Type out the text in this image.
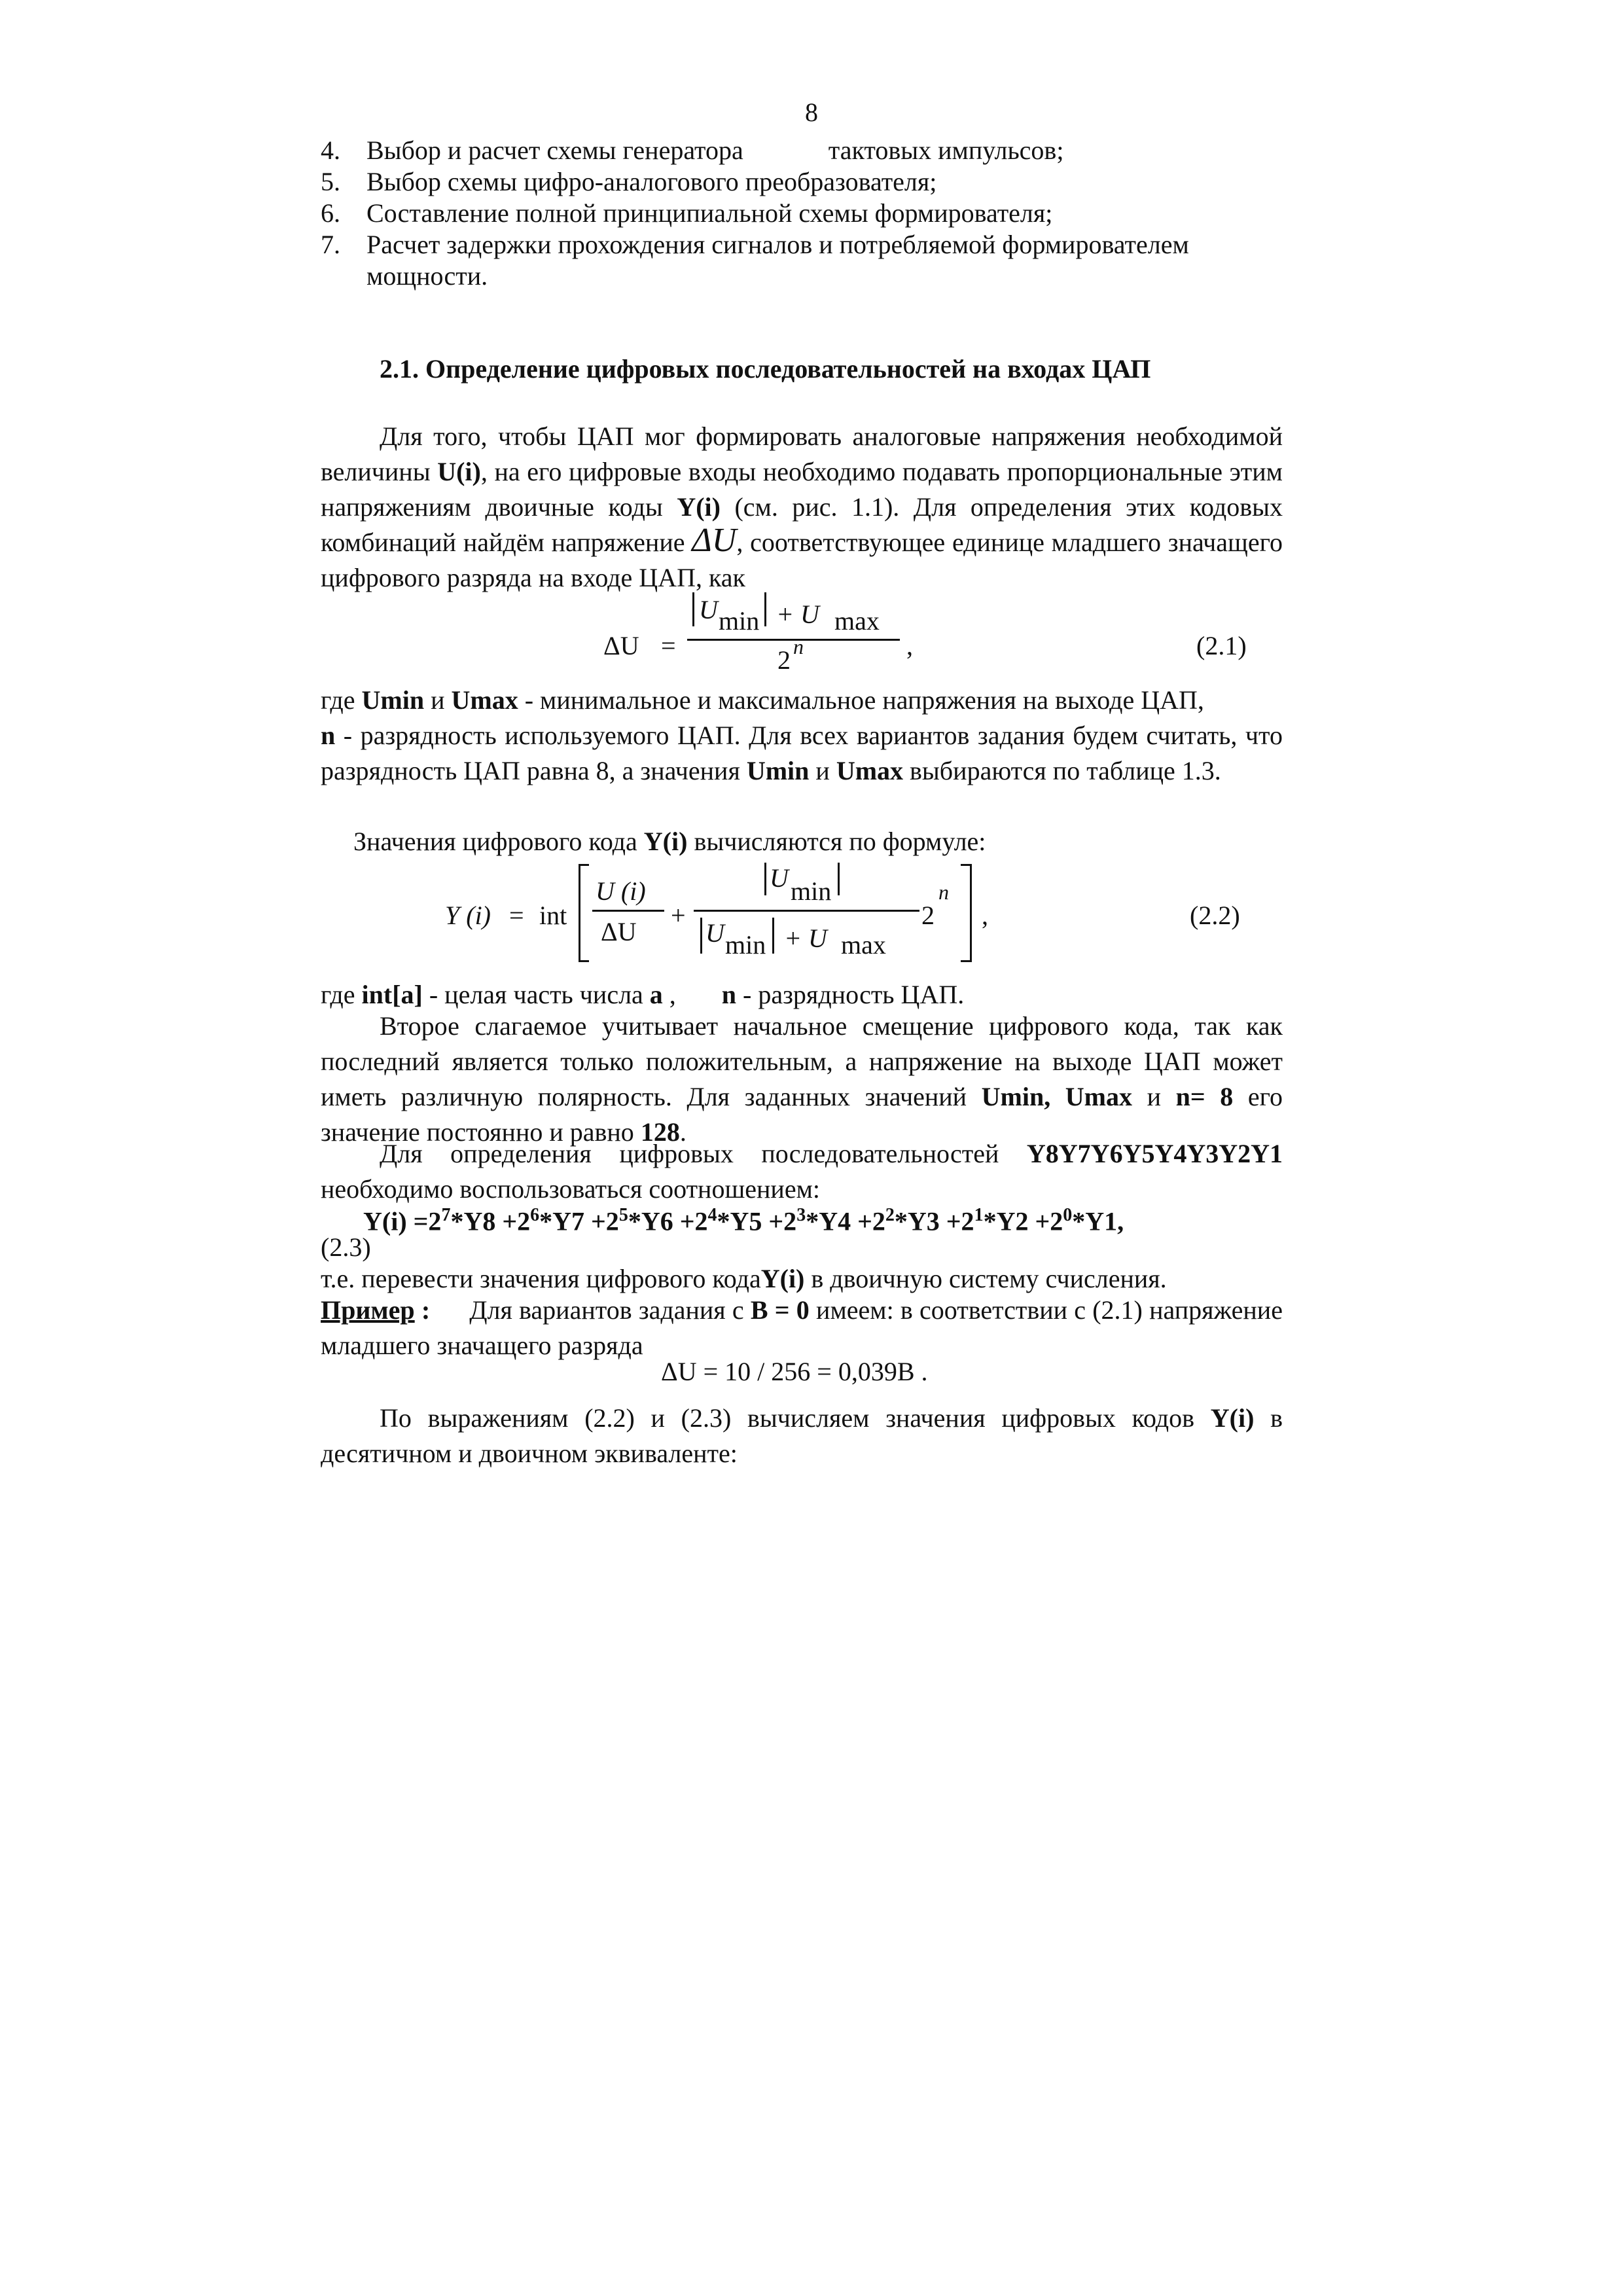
8
4. Выбор и расчет схемы генератора	тактовых импульсов;
5. Выбор схемы цифро-аналогового преобразователя;
6. Составление полной принципиальной схемы формирователя;
7. Расчет задержки прохождения сигналов и потребляемой формирователем
мощности.
2.1. Определение цифровых последовательностей на входах ЦАП
Для того, чтобы ЦАП мог формировать аналоговые напряжения необходимой величины U(i), на его цифровые входы необходимо подавать пропорциональные этим напряжениям двоичные коды Y(i) (см. рис. 1.1). Для определения этих кодовых комбинаций найдём напряжение ΔU, соответствующее единице младшего значащего цифрового разряда на входе ЦАП, как
ΔU =
U min + U max
2 n	,	(2.1)
где Umin и Umax - минимальное и максимальное напряжения на выходе ЦАП,
n - разрядность используемого ЦАП. Для всех вариантов задания будем считать, что разрядность ЦАП равна 8, а значения Umin и Umax выбираются по таблице 1.3.
Значения цифрового кода Y(i) вычисляются по формуле:
Y (i) = int
U (i)
ΔU
+
U min
U min + U max
2
n
,	(2.2)
где int[a] - целая часть числа a , n - разрядность ЦАП.
Второе слагаемое учитывает начальное смещение цифрового кода, так как последний является только положительным, а напряжение на выходе ЦАП может иметь различную полярность. Для заданных значений Umin, Umax и n= 8 его значение постоянно и равно 128.
Для определения цифровых последовательностей Y8Y7Y6Y5Y4Y3Y2Y1 необходимо воспользоваться соотношением:
$Y(i) =2^7*Y8 +2^6*Y7 +2^5*Y6 +2^4*Y5 +2^3*Y4 +2^2*Y3 +2^1*Y2 +2^0*Y1$,
(2.3)
т.е. перевести значения цифрового кодаY(i) в двоичную систему счисления.
Пример : Для вариантов задания с B = 0 имеем: в соответствии с (2.1) напряжение младшего значащего разряда
ΔU = 10 / 256 = 0,039B .
По выражениям (2.2) и (2.3) вычисляем значения цифровых кодов Y(i) в десятичном и двоичном эквиваленте:
